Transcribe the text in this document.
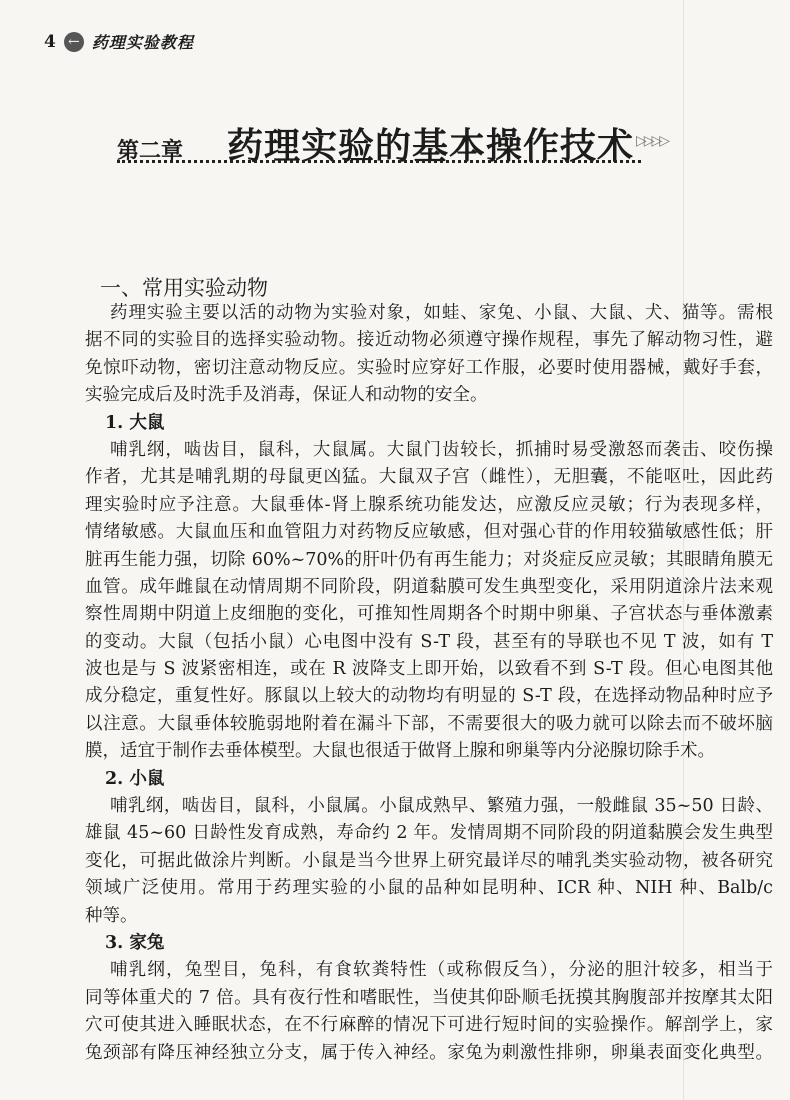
4 ← 药理实验教程
第二章 药理实验的基本操作技术 ▷▷▷▷
一、常用实验动物
药理实验主要以活的动物为实验对象，如蛙、家兔、小鼠、大鼠、犬、猫等。需根
据不同的实验目的选择实验动物。接近动物必须遵守操作规程，事先了解动物习性，避
免惊吓动物，密切注意动物反应。实验时应穿好工作服，必要时使用器械，戴好手套，
实验完成后及时洗手及消毒，保证人和动物的安全。
1. 大鼠
哺乳纲，啮齿目，鼠科，大鼠属。大鼠门齿较长，抓捕时易受激怒而袭击、咬伤操
作者，尤其是哺乳期的母鼠更凶猛。大鼠双子宫（雌性），无胆囊，不能呕吐，因此药
理实验时应予注意。大鼠垂体-肾上腺系统功能发达，应激反应灵敏；行为表现多样，
情绪敏感。大鼠血压和血管阻力对药物反应敏感，但对强心苷的作用较猫敏感性低；肝
脏再生能力强，切除 60%~70%的肝叶仍有再生能力；对炎症反应灵敏；其眼睛角膜无
血管。成年雌鼠在动情周期不同阶段，阴道黏膜可发生典型变化，采用阴道涂片法来观
察性周期中阴道上皮细胞的变化，可推知性周期各个时期中卵巢、子宫状态与垂体激素
的变动。大鼠（包括小鼠）心电图中没有 S-T 段，甚至有的导联也不见 T 波，如有 T
波也是与 S 波紧密相连，或在 R 波降支上即开始，以致看不到 S-T 段。但心电图其他
成分稳定，重复性好。豚鼠以上较大的动物均有明显的 S-T 段，在选择动物品种时应予
以注意。大鼠垂体较脆弱地附着在漏斗下部，不需要很大的吸力就可以除去而不破坏脑
膜，适宜于制作去垂体模型。大鼠也很适于做肾上腺和卵巢等内分泌腺切除手术。
2. 小鼠
哺乳纲，啮齿目，鼠科，小鼠属。小鼠成熟早、繁殖力强，一般雌鼠 35~50 日龄、
雄鼠 45~60 日龄性发育成熟，寿命约 2 年。发情周期不同阶段的阴道黏膜会发生典型
变化，可据此做涂片判断。小鼠是当今世界上研究最详尽的哺乳类实验动物，被各研究
领域广泛使用。常用于药理实验的小鼠的品种如昆明种、ICR 种、NIH 种、Balb/c
种等。
3. 家兔
哺乳纲，兔型目，兔科，有食软粪特性（或称假反刍），分泌的胆汁较多，相当于
同等体重犬的 7 倍。具有夜行性和嗜眠性，当使其仰卧顺毛抚摸其胸腹部并按摩其太阳
穴可使其进入睡眠状态，在不行麻醉的情况下可进行短时间的实验操作。解剖学上，家
兔颈部有降压神经独立分支，属于传入神经。家兔为刺激性排卵，卵巢表面变化典型。
